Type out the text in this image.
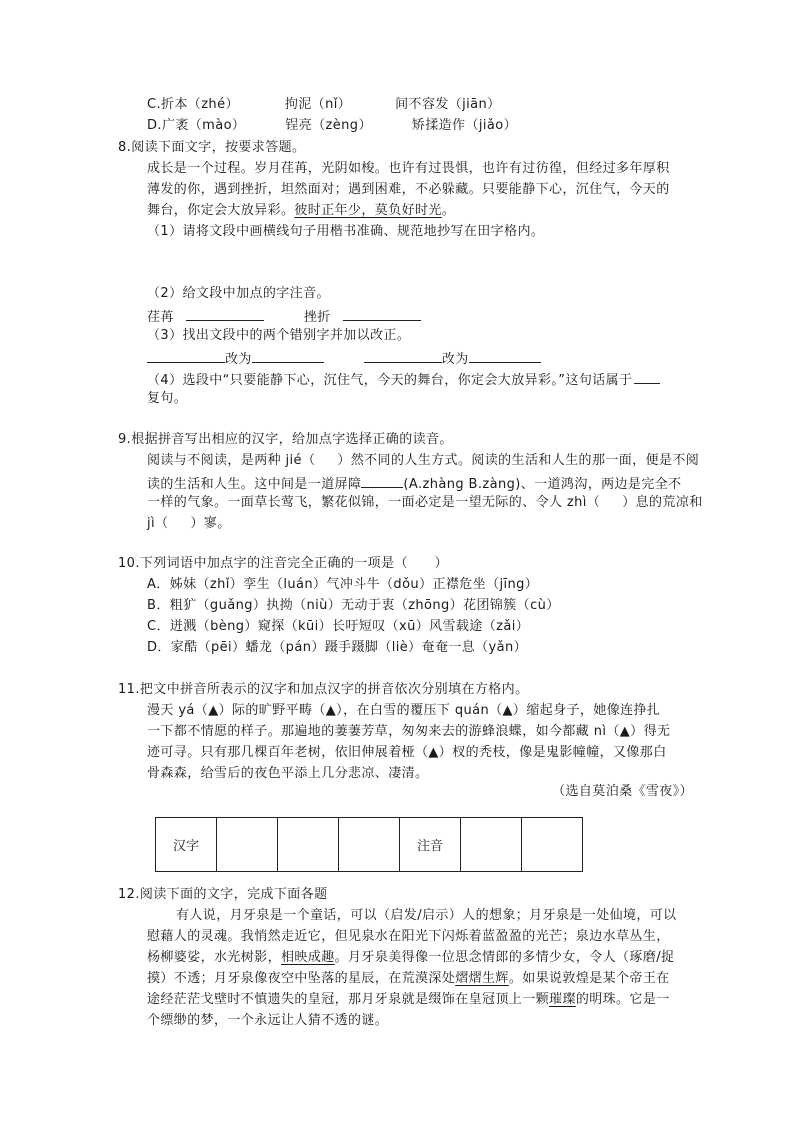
C.折本（zhé）	拘泥（nǐ）	间不容发（jiān）
D.广袤（mào）	锃亮（zèng）	矫揉造作（jiǎo）
8.阅读下面文字，按要求答题。
成长是一个过程。岁月荏苒，光阴如梭。也许有过畏惧，也许有过彷徨，但经过多年厚积
薄发的你，遇到挫折，坦然面对；遇到困难，不必躲藏。只要能静下心，沉住气，今天的
舞台，你定会大放异彩。彼时正年少，莫负好时光。
（1）请将文段中画横线句子用楷书准确、规范地抄写在田字格内。
（2）给文段中加点的字注音。
荏苒	挫折
（3）找出文段中的两个错别字并加以改正。
改为	改为
（4）选段中“只要能静下心，沉住气，今天的舞台，你定会大放异彩。”这句话属于
复句。
9.根据拼音写出相应的汉字，给加点字选择正确的读音。
阅读与不阅读，是两种 jié（ ）然不同的人生方式。阅读的生活和人生的那一面，便是不阅
读的生活和人生。这中间是一道屏障	(A.zhàng B.zàng)、一道鸿沟，两边是完全不
一样的气象。一面草长莺飞，繁花似锦，一面必定是一望无际的、令人 zhì（ ）息的荒凉和
jì（ ）寥。
10.下列词语中加点字的注音完全正确的一项是（　　）
A．姊妹（zhǐ）孪生（luán）气冲斗牛（dǒu）正襟危坐（jīng）
B．粗犷（guǎng）执拗（niù）无动于衷（zhōng）花团锦簇（cù）
C．迸溅（bèng）窥探（kūi）长吁短叹（xū）风雪载途（zǎi）
D．家酷（pēi）蟠龙（pán）蹑手蹑脚（liè）奄奄一息（yǎn）
11.把文中拼音所表示的汉字和加点汉字的拼音依次分别填在方格内。
漫天 yá（▲）际的旷野平畴（▲），在白雪的覆压下 quán（▲）缩起身子，她像连挣扎
一下都不情愿的样子。那遍地的萋萋芳草，匆匆来去的游蜂浪蝶，如今都藏 nì（▲）得无
迹可寻。只有那几棵百年老树，依旧伸展着桠（▲）杈的秃枝，像是鬼影幢幢，又像那白
骨森森，给雪后的夜色平添上几分悲凉、凄清。
（选自莫泊桑《雪夜》）
汉字				注音		
12.阅读下面的文字，完成下面各题
有人说，月牙泉是一个童话，可以（启发/启示）人的想象；月牙泉是一处仙境，可以
慰藉人的灵魂。我悄然走近它，但见泉水在阳光下闪烁着蓝盈盈的光芒；泉边水草丛生，
杨柳婆娑，水光树影，相映成趣。月牙泉美得像一位思念情郎的多情少女，令人（琢磨/捉
摸）不透；月牙泉像夜空中坠落的星辰，在荒漠深处熠熠生辉。如果说敦煌是某个帝王在
途经茫茫戈壁时不慎遗失的皇冠，那月牙泉就是缀饰在皇冠顶上一颗璀璨的明珠。它是一
个缥缈的梦，一个永远让人猜不透的谜。
